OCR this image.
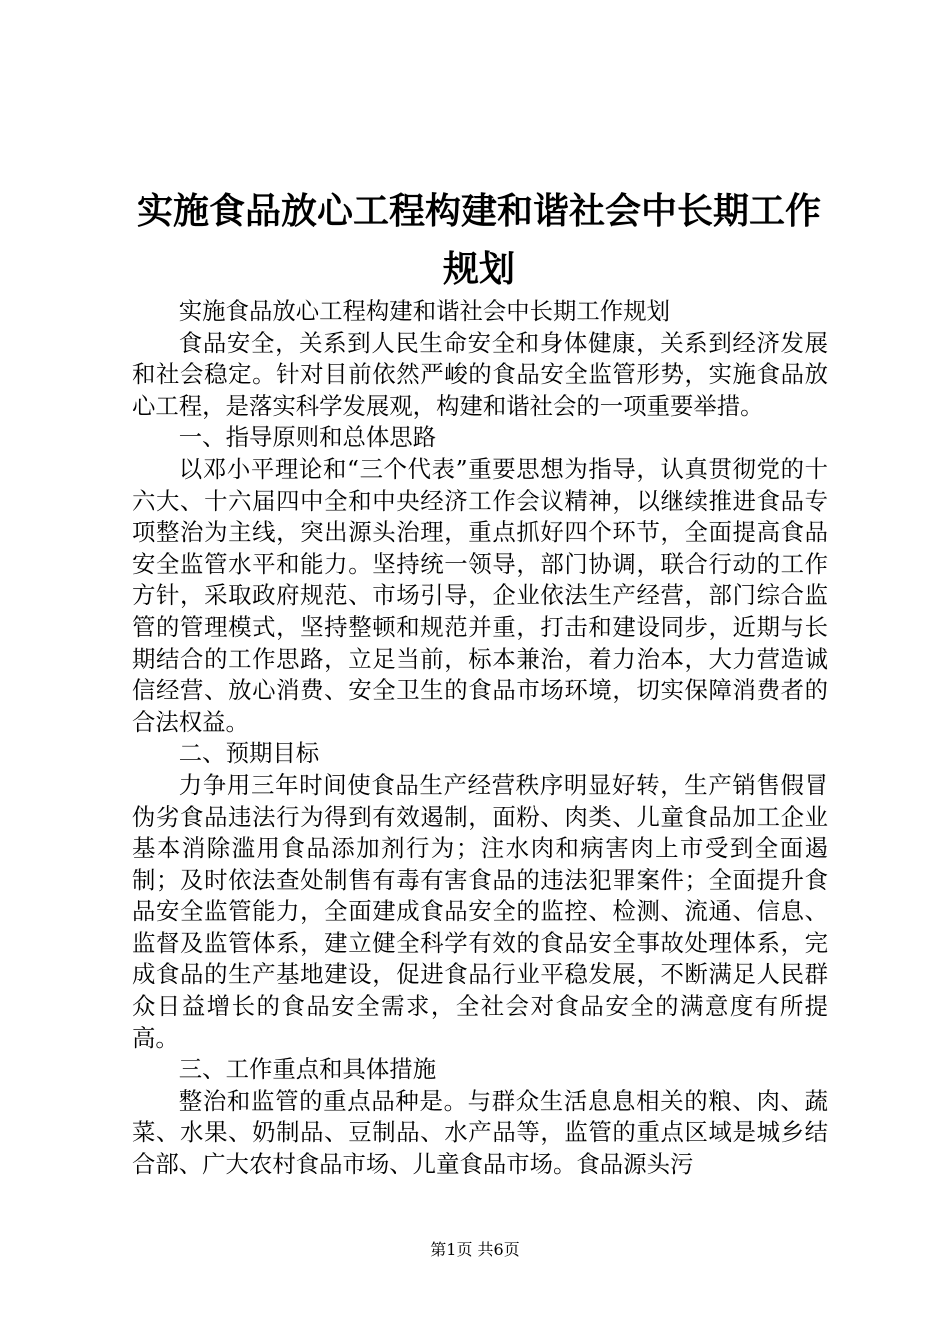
实施食品放心工程构建和谐社会中长期工作规划

实施食品放心工程构建和谐社会中长期工作规划

食品安全，关系到人民生命安全和身体健康，关系到经济发展和社会稳定。针对目前依然严峻的食品安全监管形势，实施食品放心工程，是落实科学发展观，构建和谐社会的一项重要举措。

一、指导原则和总体思路

以邓小平理论和“三个代表”重要思想为指导，认真贯彻党的十六大、十六届四中全和中央经济工作会议精神，以继续推进食品专项整治为主线，突出源头治理，重点抓好四个环节，全面提高食品安全监管水平和能力。坚持统一领导，部门协调，联合行动的工作方针，采取政府规范、市场引导，企业依法生产经营，部门综合监管的管理模式，坚持整顿和规范并重，打击和建设同步，近期与长期结合的工作思路，立足当前，标本兼治，着力治本，大力营造诚信经营、放心消费、安全卫生的食品市场环境，切实保障消费者的合法权益。

二、预期目标

力争用三年时间使食品生产经营秩序明显好转，生产销售假冒伪劣食品违法行为得到有效遏制，面粉、肉类、儿童食品加工企业基本消除滥用食品添加剂行为；注水肉和病害肉上市受到全面遏制；及时依法查处制售有毒有害食品的违法犯罪案件；全面提升食品安全监管能力，全面建成食品安全的监控、检测、流通、信息、监督及监管体系，建立健全科学有效的食品安全事故处理体系，完成食品的生产基地建设，促进食品行业平稳发展，不断满足人民群众日益增长的食品安全需求，全社会对食品安全的满意度有所提高。

三、工作重点和具体措施

整治和监管的重点品种是。与群众生活息息相关的粮、肉、蔬菜、水果、奶制品、豆制品、水产品等，监管的重点区域是城乡结合部、广大农村食品市场、儿童食品市场。食品源头污

第1页 共6页
